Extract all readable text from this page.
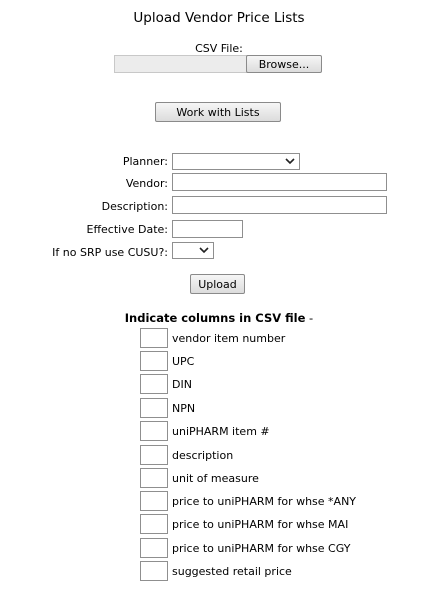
Upload Vendor Price Lists
CSV File:
Browse...
Work with Lists
Planner:
Vendor:
Description:
Effective Date:
If no SRP use CUSU?:
Upload
Indicate columns in CSV file -
vendor item number
UPC
DIN
NPN
uniPHARM item #
description
unit of measure
price to uniPHARM for whse *ANY
price to uniPHARM for whse MAI
price to uniPHARM for whse CGY
suggested retail price
